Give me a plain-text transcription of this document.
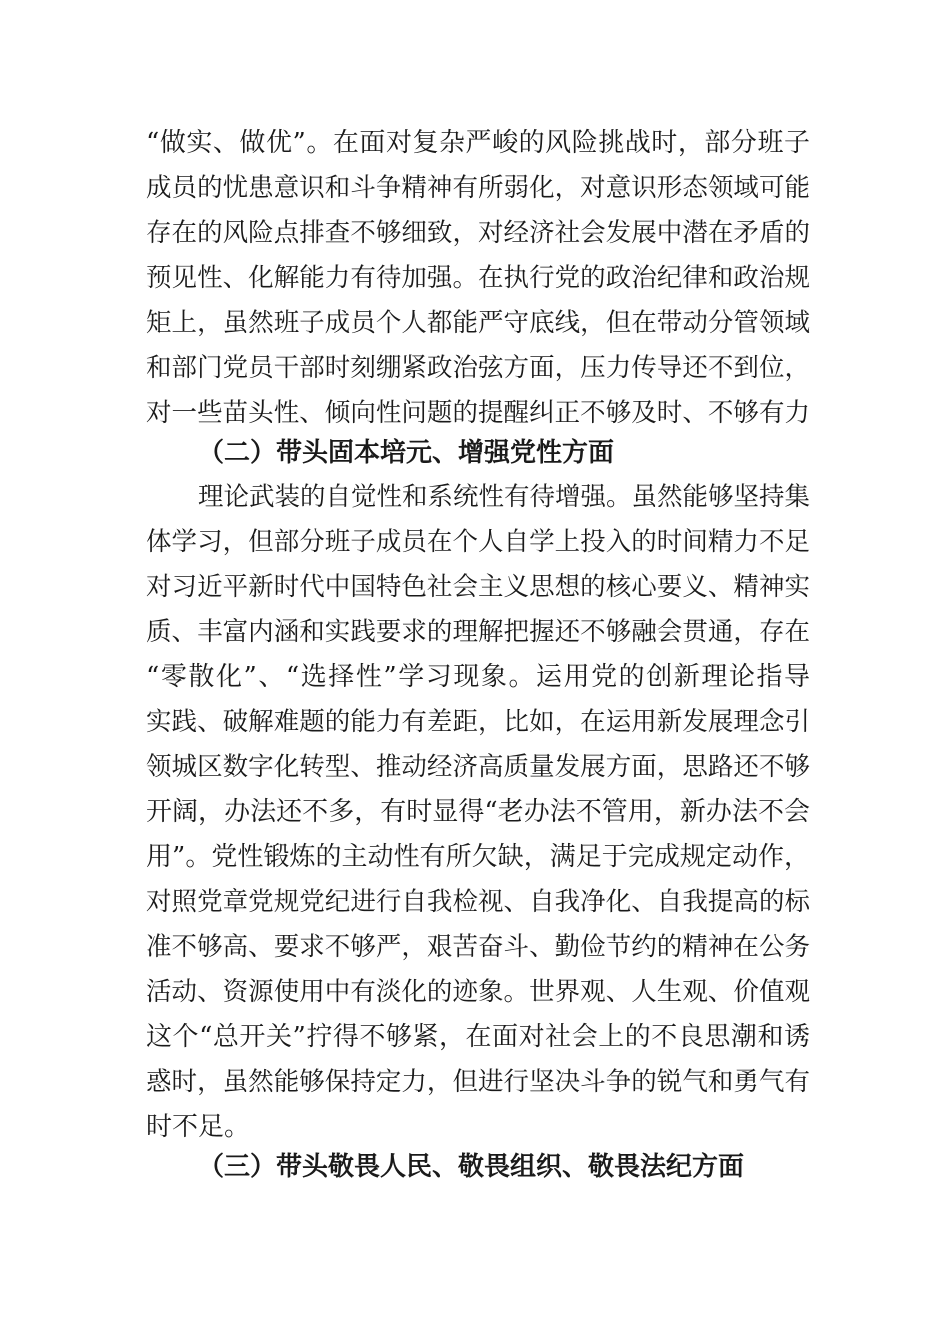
“做实、做优”。在面对复杂严峻的风险挑战时，部分班子
成员的忧患意识和斗争精神有所弱化，对意识形态领域可能
存在的风险点排查不够细致，对经济社会发展中潜在矛盾的
预见性、化解能力有待加强。在执行党的政治纪律和政治规
矩上，虽然班子成员个人都能严守底线，但在带动分管领域
和部门党员干部时刻绷紧政治弦方面，压力传导还不到位，
对一些苗头性、倾向性问题的提醒纠正不够及时、不够有力
（二）带头固本培元、增强党性方面
理论武装的自觉性和系统性有待增强。虽然能够坚持集
体学习，但部分班子成员在个人自学上投入的时间精力不足
对习近平新时代中国特色社会主义思想的核心要义、精神实
质、丰富内涵和实践要求的理解把握还不够融会贯通，存在
“零散化”、“选择性”学习现象。运用党的创新理论指导
实践、破解难题的能力有差距，比如，在运用新发展理念引
领城区数字化转型、推动经济高质量发展方面，思路还不够
开阔，办法还不多，有时显得“老办法不管用，新办法不会
用”。党性锻炼的主动性有所欠缺，满足于完成规定动作，
对照党章党规党纪进行自我检视、自我净化、自我提高的标
准不够高、要求不够严，艰苦奋斗、勤俭节约的精神在公务
活动、资源使用中有淡化的迹象。世界观、人生观、价值观
这个“总开关”拧得不够紧，在面对社会上的不良思潮和诱
惑时，虽然能够保持定力，但进行坚决斗争的锐气和勇气有
时不足。
（三）带头敬畏人民、敬畏组织、敬畏法纪方面
